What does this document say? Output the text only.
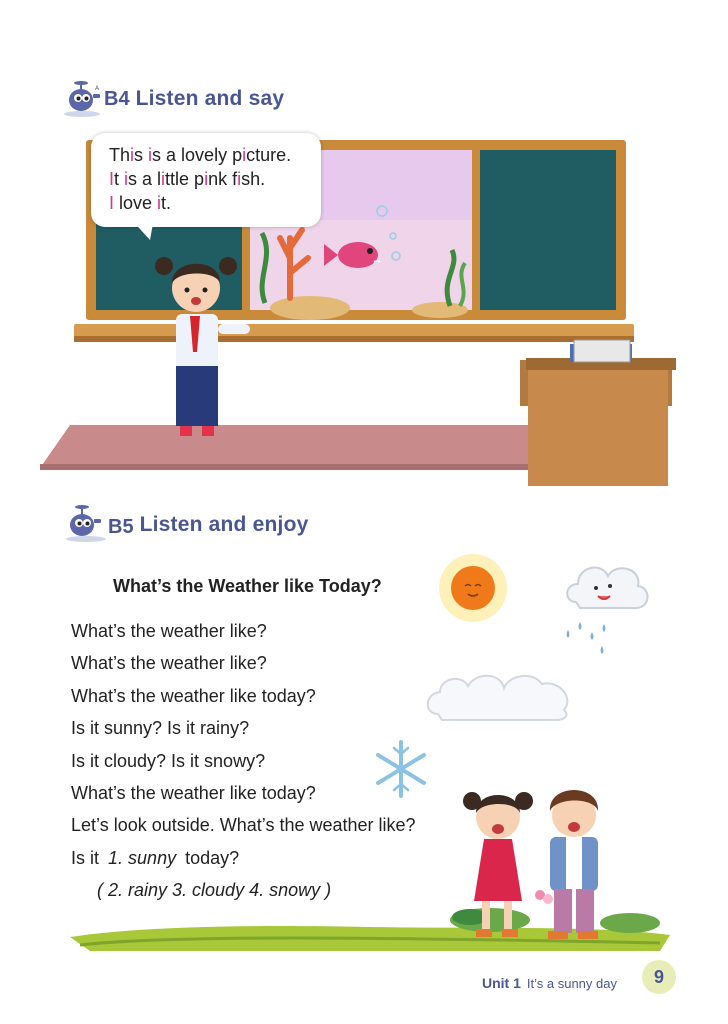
A B4 Listen and say
This is a lovely picture.
It is a little pink fish.
I love it.
B5 Listen and enjoy
What’s the Weather like Today?
What’s the weather like?
What’s the weather like?
What’s the weather like today?
Is it sunny? Is it rainy?
Is it cloudy? Is it snowy?
What’s the weather like today?
Let’s look outside. What’s the weather like?
Is it 1. sunny today?
( 2. rainy 3. cloudy 4. snowy )
Unit 1 It’s a sunny day	9
